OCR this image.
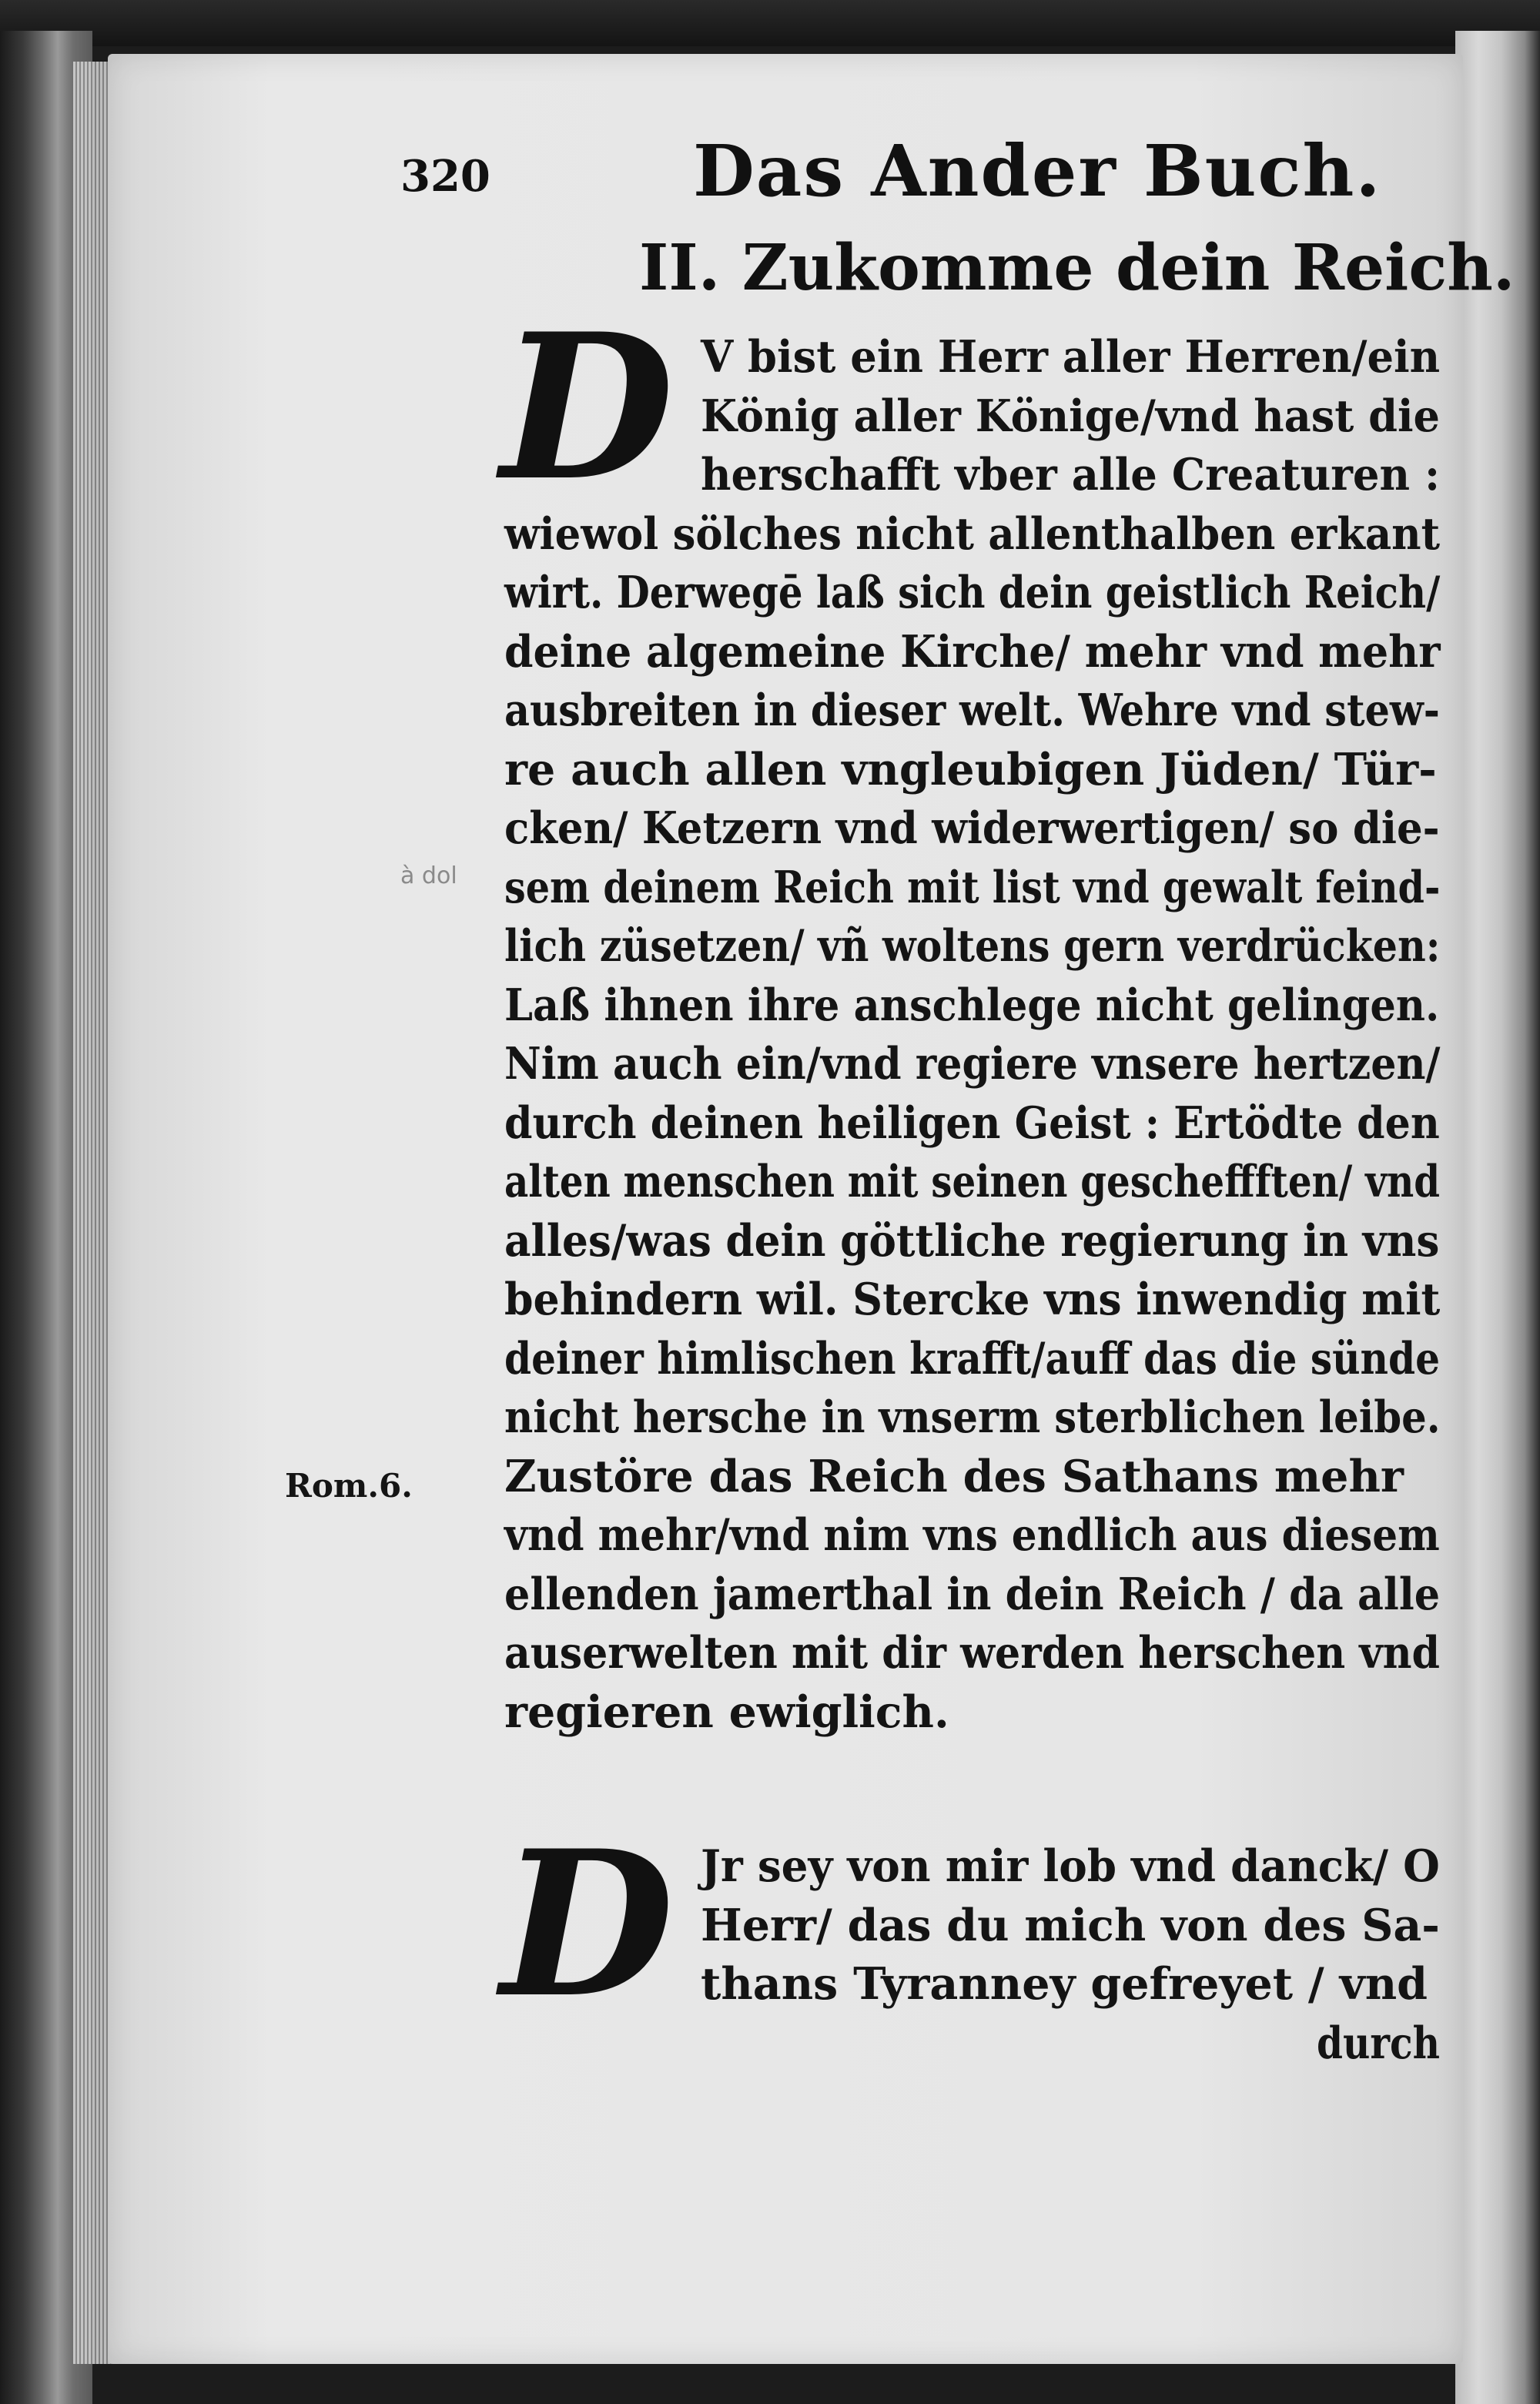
320	Das Ander Buch.
II. Zukomme dein Reich.
à dol
D
D
V bist ein Herr aller Herren/ein
König aller Könige/vnd hast die
herschafft vber alle Creaturen :
wiewol sölches nicht allenthalben erkant
wirt. Derwegē laß sich dein geistlich Reich/
deine algemeine Kirche/ mehr vnd mehr
ausbreiten in dieser welt. Wehre vnd stew-
re auch allen vngleubigen Jüden/ Tür-
cken/ Ketzern vnd widerwertigen/ so die-
sem deinem Reich mit list vnd gewalt feind-
lich züsetzen/ vñ woltens gern verdrücken:
Laß ihnen ihre anschlege nicht gelingen.
Nim auch ein/vnd regiere vnsere hertzen/
durch deinen heiligen Geist : Ertödte den
alten menschen mit seinen gescheffften/ vnd
alles/was dein göttliche regierung in vns
behindern wil. Stercke vns inwendig mit
deiner himlischen krafft/auff das die sünde
nicht hersche in vnserm sterblichen leibe.
Zustöre das Reich des Sathans mehr
vnd mehr/vnd nim vns endlich aus diesem
ellenden jamerthal in dein Reich / da alle
auserwelten mit dir werden herschen vnd
regieren ewiglich.
Jr sey von mir lob vnd danck/ O
Herr/ das du mich von des Sa-
thans Tyranney gefreyet / vnd
durch
Rom.6.
